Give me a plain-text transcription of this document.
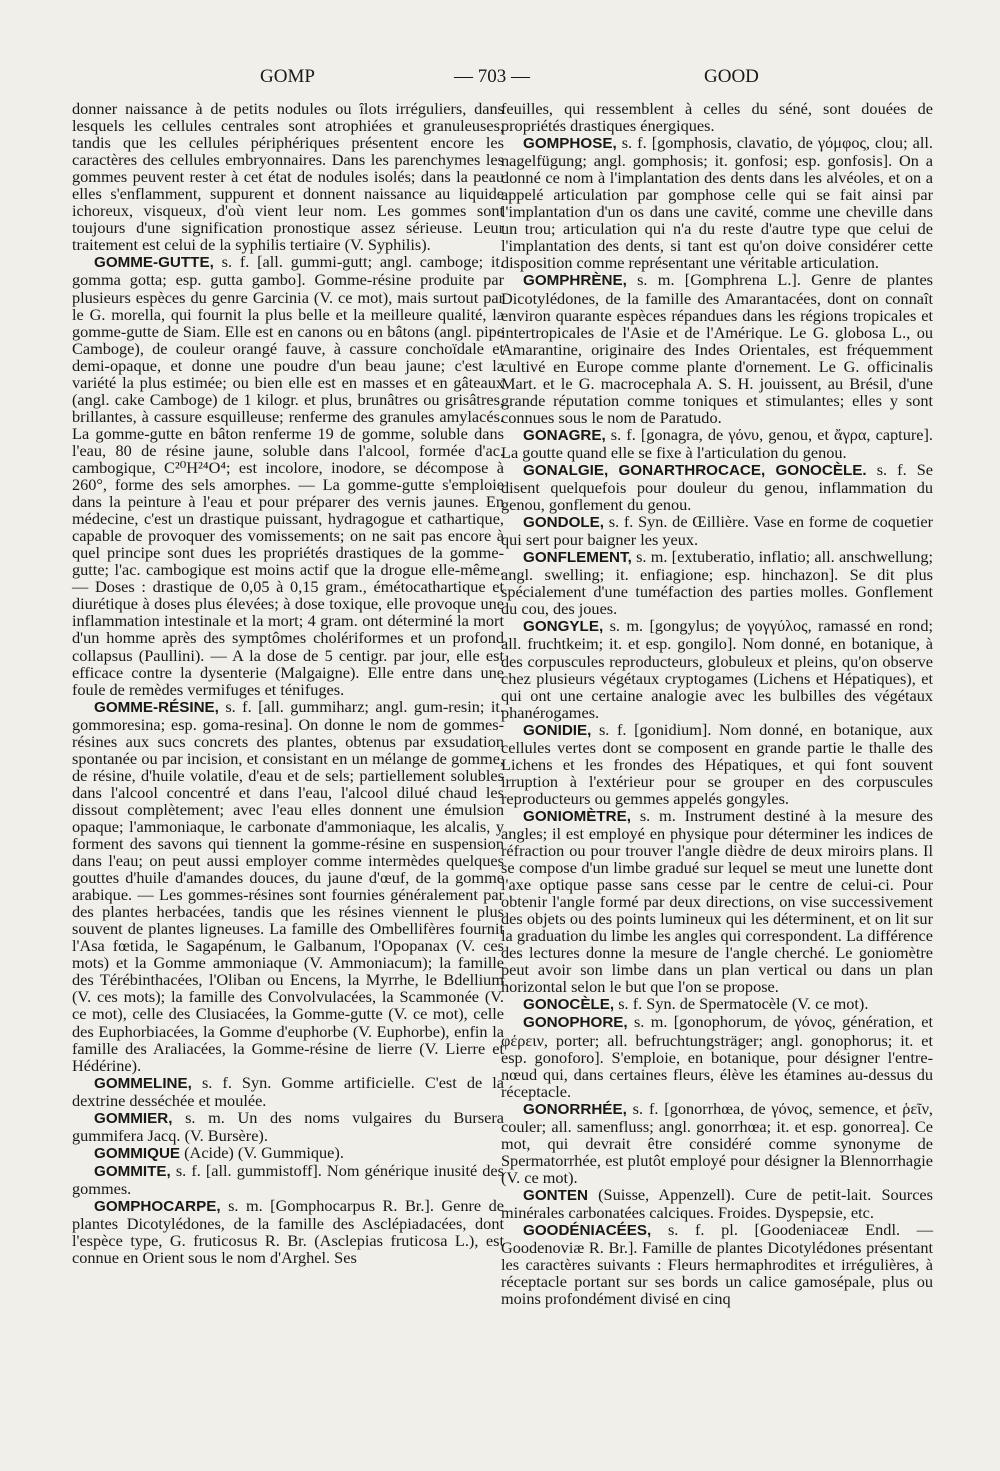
GOMP	— 703 —	GOOD

donner naissance à de petits nodules ou îlots irréguliers, dans lesquels les cellules centrales sont atrophiées et granuleuses, tandis que les cellules périphériques présentent encore les caractères des cellules embryonnaires. Dans les parenchymes les gommes peuvent rester à cet état de nodules isolés; dans la peau elles s'enflamment, suppurent et donnent naissance au liquide ichoreux, visqueux, d'où vient leur nom. Les gommes sont toujours d'une signification pronostique assez sérieuse. Leur traitement est celui de la syphilis tertiaire (V. Syphilis).

GOMME-GUTTE, s. f. [all. gummi-gutt; angl. camboge; it. gomma gotta; esp. gutta gambo]. Gomme-résine produite par plusieurs espèces du genre Garcinia (V. ce mot), mais surtout par le G. morella, qui fournit la plus belle et la meilleure qualité, la gomme-gutte de Siam. Elle est en canons ou en bâtons (angl. pipe Camboge), de couleur orangé fauve, à cassure conchoïdale et demi-opaque, et donne une poudre d'un beau jaune; c'est la variété la plus estimée; ou bien elle est en masses et en gâteaux (angl. cake Camboge) de 1 kilogr. et plus, brunâtres ou grisâtres, brillantes, à cassure esquilleuse; renferme des granules amylacés. La gomme-gutte en bâton renferme 19 de gomme, soluble dans l'eau, 80 de résine jaune, soluble dans l'alcool, formée d'ac. cambogique, C²⁰H²⁴O⁴; est incolore, inodore, se décompose à 260°, forme des sels amorphes. — La gomme-gutte s'emploie dans la peinture à l'eau et pour préparer des vernis jaunes. En médecine, c'est un drastique puissant, hydragogue et cathartique, capable de provoquer des vomissements; on ne sait pas encore à quel principe sont dues les propriétés drastiques de la gomme-gutte; l'ac. cambogique est moins actif que la drogue elle-même. — Doses : drastique de 0,05 à 0,15 gram., émétocathartique et diurétique à doses plus élevées; à dose toxique, elle provoque une inflammation intestinale et la mort; 4 gram. ont déterminé la mort d'un homme après des symptômes cholériformes et un profond collapsus (Paullini). — A la dose de 5 centigr. par jour, elle est efficace contre la dysenterie (Malgaigne). Elle entre dans une foule de remèdes vermifuges et ténifuges.

GOMME-RÉSINE, s. f. [all. gummiharz; angl. gum-resin; it. gommoresina; esp. goma-resina]. On donne le nom de gommes-résines aux sucs concrets des plantes, obtenus par exsudation spontanée ou par incision, et consistant en un mélange de gomme, de résine, d'huile volatile, d'eau et de sels; partiellement solubles dans l'alcool concentré et dans l'eau, l'alcool dilué chaud les dissout complètement; avec l'eau elles donnent une émulsion opaque; l'ammoniaque, le carbonate d'ammoniaque, les alcalis, y forment des savons qui tiennent la gomme-résine en suspension dans l'eau; on peut aussi employer comme intermèdes quelques gouttes d'huile d'amandes douces, du jaune d'œuf, de la gomme arabique. — Les gommes-résines sont fournies généralement par des plantes herbacées, tandis que les résines viennent le plus souvent de plantes ligneuses. La famille des Ombellifères fournit l'Asa fœtida, le Sagapénum, le Galbanum, l'Opopanax (V. ces mots) et la Gomme ammoniaque (V. Ammoniacum); la famille des Térébinthacées, l'Oliban ou Encens, la Myrrhe, le Bdellium (V. ces mots); la famille des Convolvulacées, la Scammonée (V. ce mot), celle des Clusiacées, la Gomme-gutte (V. ce mot), celle des Euphorbiacées, la Gomme d'euphorbe (V. Euphorbe), enfin la famille des Araliacées, la Gomme-résine de lierre (V. Lierre et Hédérine).

GOMMELINE, s. f. Syn. Gomme artificielle. C'est de la dextrine desséchée et moulée.

GOMMIER, s. m. Un des noms vulgaires du Bursera gummifera Jacq. (V. Bursère).

GOMMIQUE (Acide) (V. Gummique).

GOMMITE, s. f. [all. gummistoff]. Nom générique inusité des gommes.

GOMPHOCARPE, s. m. [Gomphocarpus R. Br.]. Genre de plantes Dicotylédones, de la famille des Asclépiadacées, dont l'espèce type, G. fruticosus R. Br. (Asclepias fruticosa L.), est connue en Orient sous le nom d'Arghel. Ses

feuilles, qui ressemblent à celles du séné, sont douées de propriétés drastiques énergiques.

GOMPHOSE, s. f. [gomphosis, clavatio, de γόμφος, clou; all. nagelfügung; angl. gomphosis; it. gonfosi; esp. gonfosis]. On a donné ce nom à l'implantation des dents dans les alvéoles, et on a appelé articulation par gomphose celle qui se fait ainsi par l'implantation d'un os dans une cavité, comme une cheville dans un trou; articulation qui n'a du reste d'autre type que celui de l'implantation des dents, si tant est qu'on doive considérer cette disposition comme représentant une véritable articulation.

GOMPHRÈNE, s. m. [Gomphrena L.]. Genre de plantes Dicotylédones, de la famille des Amarantacées, dont on connaît environ quarante espèces répandues dans les régions tropicales et intertropicales de l'Asie et de l'Amérique. Le G. globosa L., ou Amarantine, originaire des Indes Orientales, est fréquemment cultivé en Europe comme plante d'ornement. Le G. officinalis Mart. et le G. macrocephala A. S. H. jouissent, au Brésil, d'une grande réputation comme toniques et stimulantes; elles y sont connues sous le nom de Paratudo.

GONAGRE, s. f. [gonagra, de γόνυ, genou, et ἄγρα, capture]. La goutte quand elle se fixe à l'articulation du genou.

GONALGIE, GONARTHROCACE, GONOCÈLE. s. f. Se disent quelquefois pour douleur du genou, inflammation du genou, gonflement du genou.

GONDOLE, s. f. Syn. de Œillière. Vase en forme de coquetier qui sert pour baigner les yeux.

GONFLEMENT, s. m. [extuberatio, inflatio; all. anschwellung; angl. swelling; it. enfiagione; esp. hinchazon]. Se dit plus spécialement d'une tuméfaction des parties molles. Gonflement du cou, des joues.

GONGYLE, s. m. [gongylus; de γογγύλος, ramassé en rond; all. fruchtkeim; it. et esp. gongilo]. Nom donné, en botanique, à des corpuscules reproducteurs, globuleux et pleins, qu'on observe chez plusieurs végétaux cryptogames (Lichens et Hépatiques), et qui ont une certaine analogie avec les bulbilles des végétaux phanérogames.

GONIDIE, s. f. [gonidium]. Nom donné, en botanique, aux cellules vertes dont se composent en grande partie le thalle des Lichens et les frondes des Hépatiques, et qui font souvent irruption à l'extérieur pour se grouper en des corpuscules reproducteurs ou gemmes appelés gongyles.

GONIOMÈTRE, s. m. Instrument destiné à la mesure des angles; il est employé en physique pour déterminer les indices de réfraction ou pour trouver l'angle dièdre de deux miroirs plans. Il se compose d'un limbe gradué sur lequel se meut une lunette dont l'axe optique passe sans cesse par le centre de celui-ci. Pour obtenir l'angle formé par deux directions, on vise successivement des objets ou des points lumineux qui les déterminent, et on lit sur la graduation du limbe les angles qui correspondent. La différence des lectures donne la mesure de l'angle cherché. Le goniomètre peut avoir son limbe dans un plan vertical ou dans un plan horizontal selon le but que l'on se propose.

GONOCÈLE, s. f. Syn. de Spermatocèle (V. ce mot).

GONOPHORE, s. m. [gonophorum, de γόνος, génération, et φέρειν, porter; all. befruchtungsträger; angl. gonophorus; it. et esp. gonoforo]. S'emploie, en botanique, pour désigner l'entre-nœud qui, dans certaines fleurs, élève les étamines au-dessus du réceptacle.

GONORRHÉE, s. f. [gonorrhœa, de γόνος, semence, et ῥεῖν, couler; all. samenfluss; angl. gonorrhœa; it. et esp. gonorrea]. Ce mot, qui devrait être considéré comme synonyme de Spermatorrhée, est plutôt employé pour désigner la Blennorrhagie (V. ce mot).

GONTEN (Suisse, Appenzell). Cure de petit-lait. Sources minérales carbonatées calciques. Froides. Dyspepsie, etc.

GOODÉNIACÉES, s. f. pl. [Goodeniaceæ Endl. — Goodenoviæ R. Br.]. Famille de plantes Dicotylédones présentant les caractères suivants : Fleurs hermaphrodites et irrégulières, à réceptacle portant sur ses bords un calice gamosépale, plus ou moins profondément divisé en cinq
